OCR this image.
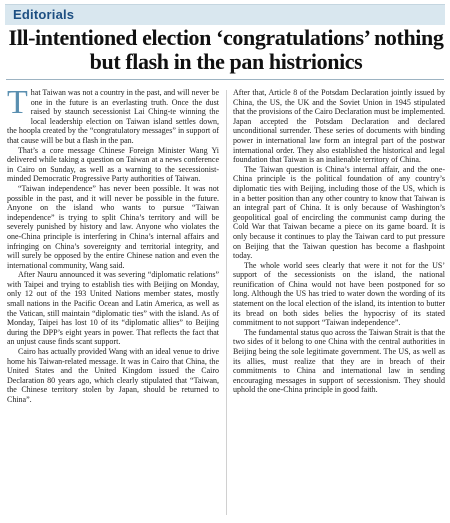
Editorials
Ill-intentioned election ‘congratulations’ nothing but flash in the pan histrionics

That Taiwan was not a country in the past, and will never be one in the future is an everlasting truth. Once the dust raised by staunch secessionist Lai Ching-te winning the local leadership election on Taiwan island settles down, the hoopla created by the “congratulatory messages” in support of that cause will be but a flash in the pan.

That’s a core message Chinese Foreign Minister Wang Yi delivered while taking a question on Taiwan at a news conference in Cairo on Sunday, as well as a warning to the secessionist-minded Democratic Progressive Party authorities of Taiwan.

“Taiwan independence” has never been possible. It was not possible in the past, and it will never be possible in the future. Anyone on the island who wants to pursue “Taiwan independence” is trying to split China’s territory and will be severely punished by history and law. Anyone who violates the one-China principle is interfering in China’s internal affairs and infringing on China’s sovereignty and territorial integrity, and will surely be opposed by the entire Chinese nation and even the international community, Wang said.

After Nauru announced it was severing “diplomatic relations” with Taipei and trying to establish ties with Beijing on Monday, only 12 out of the 193 United Nations member states, mostly small nations in the Pacific Ocean and Latin America, as well as the Vatican, still maintain “diplomatic ties” with the island. As of Monday, Taipei has lost 10 of its “diplomatic allies” to Beijing during the DPP’s eight years in power. That reflects the fact that an unjust cause finds scant support.

Cairo has actually provided Wang with an ideal venue to drive home his Taiwan-related message. It was in Cairo that China, the United States and the United Kingdom issued the Cairo Declaration 80 years ago, which clearly stipulated that “Taiwan, the Chinese territory stolen by Japan, should be returned to China”.

After that, Article 8 of the Potsdam Declaration jointly issued by China, the US, the UK and the Soviet Union in 1945 stipulated that the provisions of the Cairo Declaration must be implemented. Japan accepted the Potsdam Declaration and declared unconditional surrender. These series of documents with binding power in international law form an integral part of the postwar international order. They also established the historical and legal foundation that Taiwan is an inalienable territory of China.

The Taiwan question is China’s internal affair, and the one-China principle is the political foundation of any country’s diplomatic ties with Beijing, including those of the US, which is in a better position than any other country to know that Taiwan is an integral part of China. It is only because of Washington’s geopolitical goal of encircling the communist camp during the Cold War that Taiwan became a piece on its game board. It is only because it continues to play the Taiwan card to put pressure on Beijing that the Taiwan question has become a flashpoint today.

The whole world sees clearly that were it not for the US’ support of the secessionists on the island, the national reunification of China would not have been postponed for so long. Although the US has tried to water down the wording of its statement on the local election of the island, its intention to butter its bread on both sides belies the hypocrisy of its stated commitment to not support “Taiwan independence”.

The fundamental status quo across the Taiwan Strait is that the two sides of it belong to one China with the central authorities in Beijing being the sole legitimate government. The US, as well as its allies, must realize that they are in breach of their commitments to China and international law in sending encouraging messages in support of secessionism. They should uphold the one-China principle in good faith.
